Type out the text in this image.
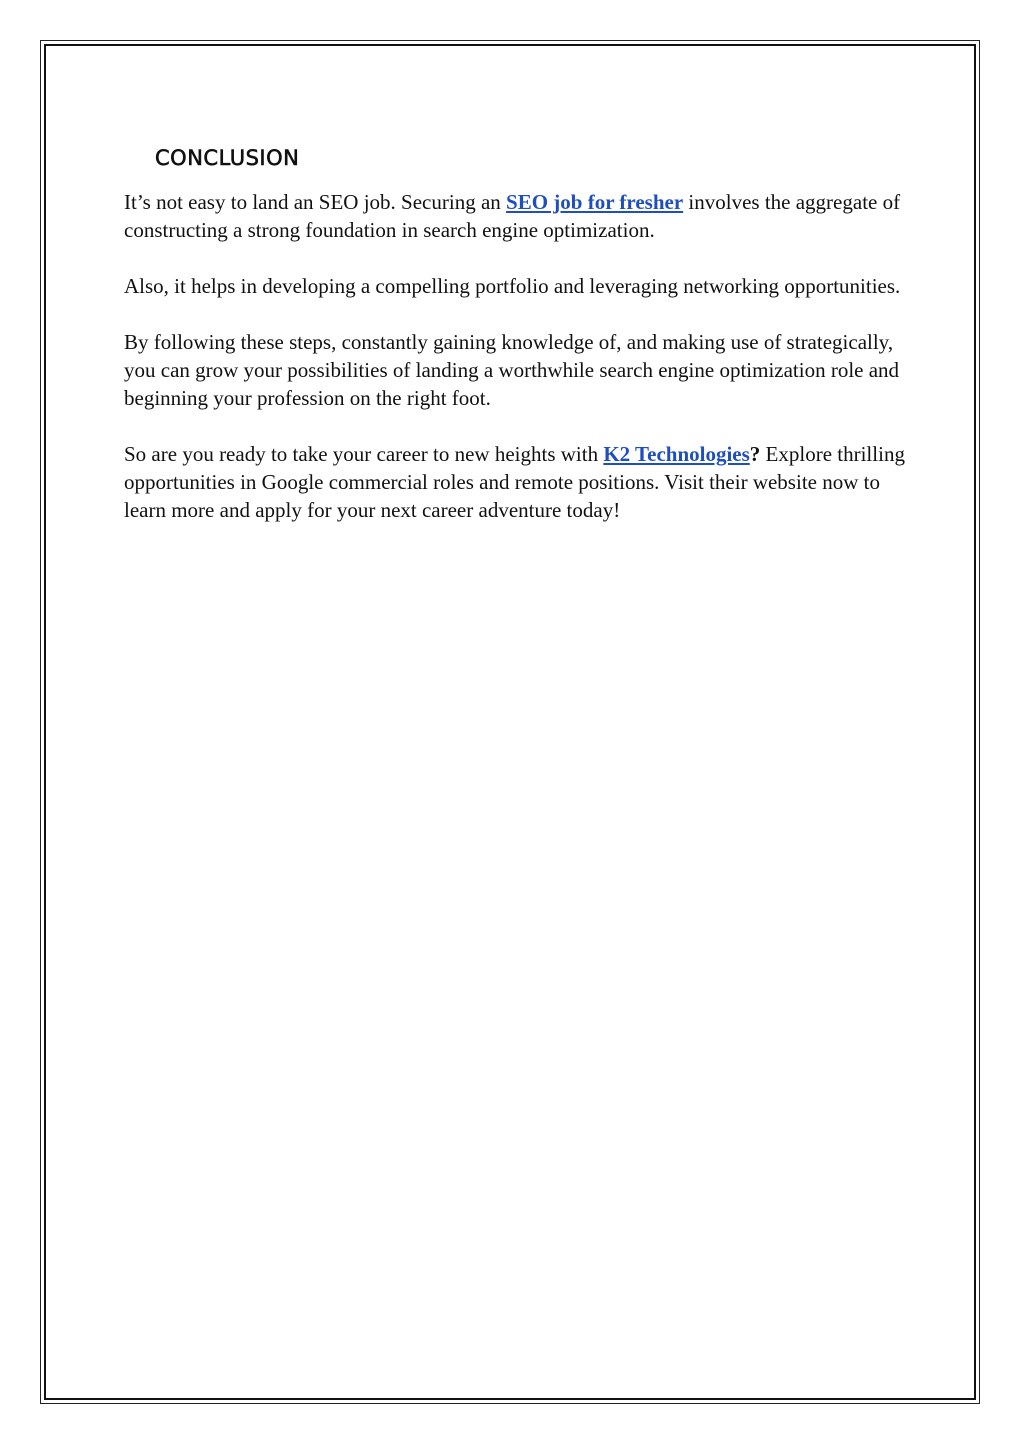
conclusion

It’s not easy to land an SEO job. Securing an SEO job for fresher involves the aggregate of constructing a strong foundation in search engine optimization.

Also, it helps in developing a compelling portfolio and leveraging networking opportunities.

By following these steps, constantly gaining knowledge of, and making use of strategically, you can grow your possibilities of landing a worthwhile search engine optimization role and beginning your profession on the right foot.

So are you ready to take your career to new heights with K2 Technologies? Explore thrilling opportunities in Google commercial roles and remote positions. Visit their website now to learn more and apply for your next career adventure today!
